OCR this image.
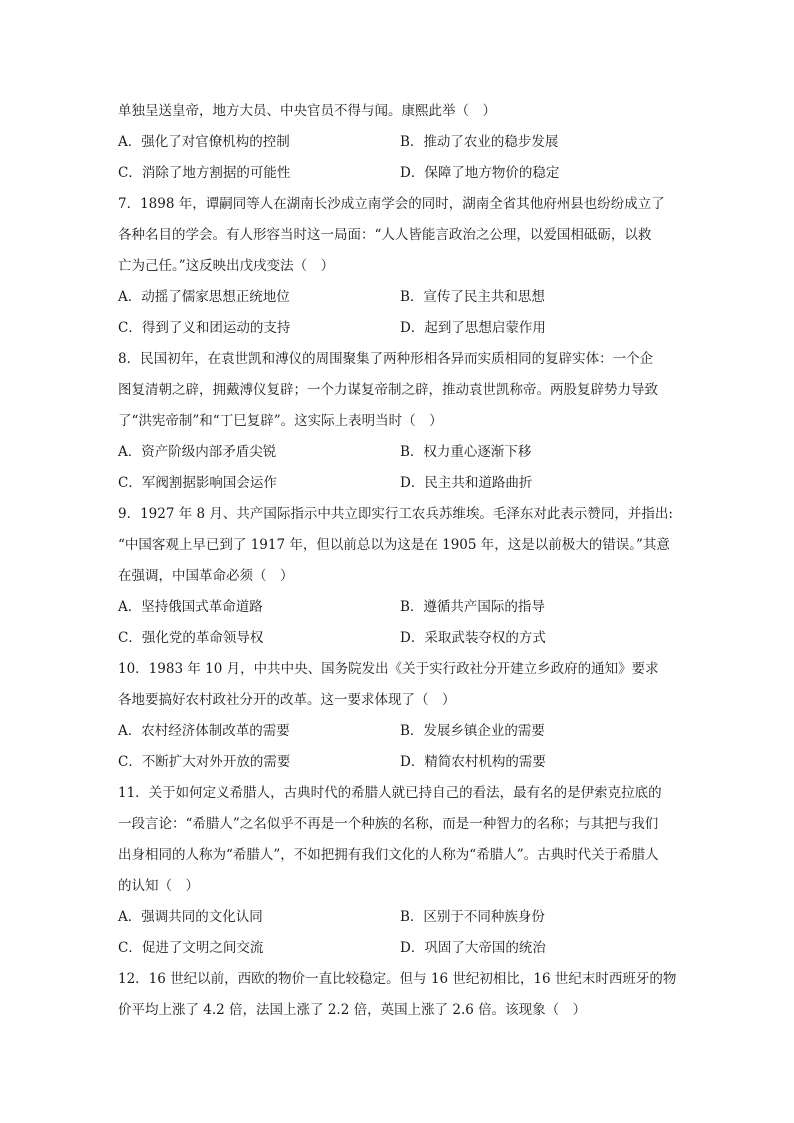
单独呈送皇帝，地方大员、中央官员不得与闻。康熙此举（　）

A．强化了对官僚机构的控制	B．推动了农业的稳步发展
C．消除了地方割据的可能性	D．保障了地方物价的稳定

7．1898 年，谭嗣同等人在湖南长沙成立南学会的同时，湖南全省其他府州县也纷纷成立了
各种名目的学会。有人形容当时这一局面：“人人皆能言政治之公理，以爱国相砥砺，以救
亡为己任。”这反映出戊戌变法（　）

A．动摇了儒家思想正统地位	B．宣传了民主共和思想
C．得到了义和团运动的支持	D．起到了思想启蒙作用

8．民国初年，在袁世凯和溥仪的周围聚集了两种形相各异而实质相同的复辟实体：一个企
图复清朝之辟，拥戴溥仪复辟；一个力谋复帝制之辟，推动袁世凯称帝。两股复辟势力导致
了“洪宪帝制”和“丁巳复辟”。这实际上表明当时（　）

A．资产阶级内部矛盾尖锐	B．权力重心逐渐下移
C．军阀割据影响国会运作	D．民主共和道路曲折

9．1927 年 8 月、共产国际指示中共立即实行工农兵苏维埃。毛泽东对此表示赞同，并指出:
“中国客观上早已到了 1917 年，但以前总以为这是在 1905 年，这是以前极大的错误。”其意
在强调，中国革命必须（　）

A．坚持俄国式革命道路	B．遵循共产国际的指导
C．强化党的革命领导权	D．采取武装夺权的方式

10．1983 年 10 月，中共中央、国务院发出《关于实行政社分开建立乡政府的通知》要求
各地要搞好农村政社分开的改革。这一要求体现了（　）

A．农村经济体制改革的需要	B．发展乡镇企业的需要
C．不断扩大对外开放的需要	D．精简农村机构的需要

11．关于如何定义希腊人，古典时代的希腊人就已持自己的看法，最有名的是伊索克拉底的
一段言论：“希腊人”之名似乎不再是一个种族的名称，而是一种智力的名称；与其把与我们
出身相同的人称为“希腊人”，不如把拥有我们文化的人称为“希腊人”。古典时代关于希腊人
的认知（　）

A．强调共同的文化认同	B．区别于不同种族身份
C．促进了文明之间交流	D．巩固了大帝国的统治

12．16 世纪以前，西欧的物价一直比较稳定。但与 16 世纪初相比，16 世纪末时西班牙的物
价平均上涨了 4.2 倍，法国上涨了 2.2 倍，英国上涨了 2.6 倍。该现象（　）
